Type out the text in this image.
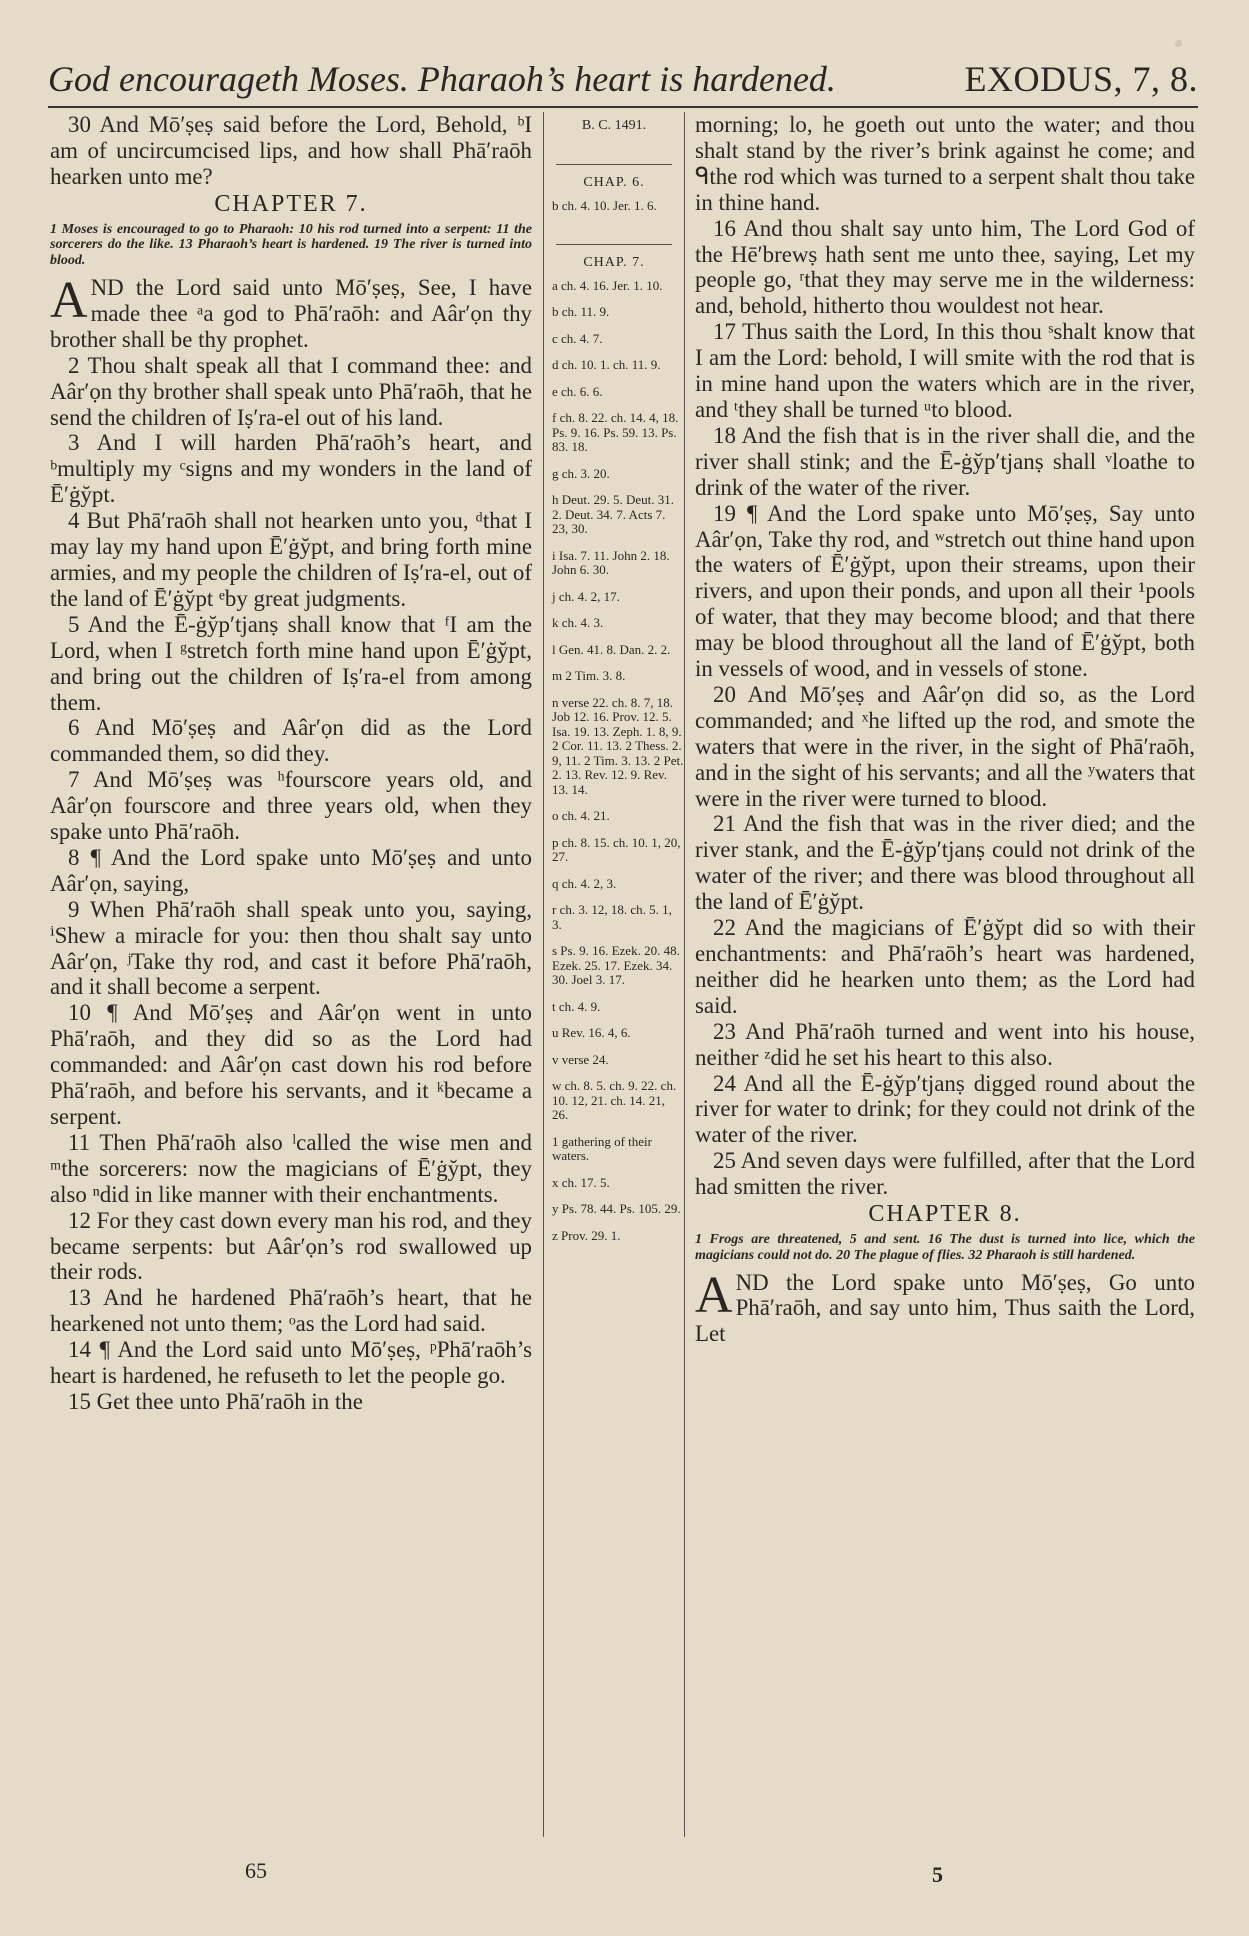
God encourageth Moses. Pharaoh’s heart is hardened.	EXODUS, 7, 8.

30 And Mō′ṣeṣ said before the Lord, Behold, ᵇI am of uncircumcised lips, and how shall Phā′raōh hearken unto me?

CHAPTER 7.
1 Moses is encouraged to go to Pharaoh: 10 his rod turned into a serpent: 11 the sorcerers do the like. 13 Pharaoh’s heart is hardened. 19 The river is turned into blood.

AND the Lord said unto Mō′ṣeṣ, See, I have made thee ᵃa god to Phā′raōh: and Aâr′ọn thy brother shall be thy prophet.

2 Thou shalt speak all that I command thee: and Aâr′ọn thy brother shall speak unto Phā′raōh, that he send the children of Iṣ′ra-el out of his land.

3 And I will harden Phā′raōh’s heart, and ᵇmultiply my ᶜsigns and my wonders in the land of Ē′ġy̆pt.

4 But Phā′raōh shall not hearken unto you, ᵈthat I may lay my hand upon Ē′ġy̆pt, and bring forth mine armies, and my people the children of Iṣ′ra-el, out of the land of Ē′ġy̆pt ᵉby great judgments.

5 And the Ē-ġy̆p′tjanṣ shall know that ᶠI am the Lord, when I ᵍstretch forth mine hand upon Ē′ġy̆pt, and bring out the children of Iṣ′ra-el from among them.

6 And Mō′ṣeṣ and Aâr′ọn did as the Lord commanded them, so did they.

7 And Mō′ṣeṣ was ʰfourscore years old, and Aâr′ọn fourscore and three years old, when they spake unto Phā′raōh.

8 ¶ And the Lord spake unto Mō′ṣeṣ and unto Aâr′ọn, saying,

9 When Phā′raōh shall speak unto you, saying, ⁱShew a miracle for you: then thou shalt say unto Aâr′ọn, ʲTake thy rod, and cast it before Phā′raōh, and it shall become a serpent.

10 ¶ And Mō′ṣeṣ and Aâr′ọn went in unto Phā′raōh, and they did so as the Lord had commanded: and Aâr′ọn cast down his rod before Phā′raōh, and before his servants, and it ᵏbecame a serpent.

11 Then Phā′raōh also ˡcalled the wise men and ᵐthe sorcerers: now the magicians of Ē′ġy̆pt, they also ⁿdid in like manner with their enchantments.

12 For they cast down every man his rod, and they became serpents: but Aâr′ọn’s rod swallowed up their rods.

13 And he hardened Phā′raōh’s heart, that he hearkened not unto them; ᵒas the Lord had said.

14 ¶ And the Lord said unto Mō′ṣeṣ, ᵖPhā′raōh’s heart is hardened, he refuseth to let the people go.

15 Get thee unto Phā′raōh in the

B. C. 1491.
CHAP. 6.
b ch. 4. 10. Jer. 1. 6.
CHAP. 7.
a ch. 4. 16. Jer. 1. 10.
b ch. 11. 9.
c ch. 4. 7.
d ch. 10. 1. ch. 11. 9.
e ch. 6. 6.
f ch. 8. 22. ch. 14. 4, 18. Ps. 9. 16. Ps. 59. 13. Ps. 83. 18.
g ch. 3. 20.
h Deut. 29. 5. Deut. 31. 2. Deut. 34. 7. Acts 7. 23, 30.
i Isa. 7. 11. John 2. 18. John 6. 30.
j ch. 4. 2, 17.
k ch. 4. 3.
l Gen. 41. 8. Dan. 2. 2.
m 2 Tim. 3. 8.
n verse 22. ch. 8. 7, 18. Job 12. 16. Prov. 12. 5. Isa. 19. 13. Zeph. 1. 8, 9. 2 Cor. 11. 13. 2 Thess. 2. 9, 11. 2 Tim. 3. 13. 2 Pet. 2. 13. Rev. 12. 9. Rev. 13. 14.
o ch. 4. 21.
p ch. 8. 15. ch. 10. 1, 20, 27.
q ch. 4. 2, 3.
r ch. 3. 12, 18. ch. 5. 1, 3.
s Ps. 9. 16. Ezek. 20. 48. Ezek. 25. 17. Ezek. 34. 30. Joel 3. 17.
t ch. 4. 9.
u Rev. 16. 4, 6.
v verse 24.
w ch. 8. 5. ch. 9. 22. ch. 10. 12, 21. ch. 14. 21, 26.
1 gathering of their waters.
x ch. 17. 5.
y Ps. 78. 44. Ps. 105. 29.
z Prov. 29. 1.

morning; lo, he goeth out unto the water; and thou shalt stand by the river’s brink against he come; and ᑫthe rod which was turned to a serpent shalt thou take in thine hand.

16 And thou shalt say unto him, The Lord God of the Hē′brewṣ hath sent me unto thee, saying, Let my people go, ʳthat they may serve me in the wilderness: and, behold, hitherto thou wouldest not hear.

17 Thus saith the Lord, In this thou ˢshalt know that I am the Lord: behold, I will smite with the rod that is in mine hand upon the waters which are in the river, and ᵗthey shall be turned ᵘto blood.

18 And the fish that is in the river shall die, and the river shall stink; and the Ē-ġy̆p′tjanṣ shall ᵛloathe to drink of the water of the river.

19 ¶ And the Lord spake unto Mō′ṣeṣ, Say unto Aâr′ọn, Take thy rod, and ʷstretch out thine hand upon the waters of Ē′ġy̆pt, upon their streams, upon their rivers, and upon their ponds, and upon all their ¹pools of water, that they may become blood; and that there may be blood throughout all the land of Ē′ġy̆pt, both in vessels of wood, and in vessels of stone.

20 And Mō′ṣeṣ and Aâr′ọn did so, as the Lord commanded; and ˣhe lifted up the rod, and smote the waters that were in the river, in the sight of Phā′raōh, and in the sight of his servants; and all the ʸwaters that were in the river were turned to blood.

21 And the fish that was in the river died; and the river stank, and the Ē-ġy̆p′tjanṣ could not drink of the water of the river; and there was blood throughout all the land of Ē′ġy̆pt.

22 And the magicians of Ē′ġy̆pt did so with their enchantments: and Phā′raōh’s heart was hardened, neither did he hearken unto them; as the Lord had said.

23 And Phā′raōh turned and went into his house, neither ᶻdid he set his heart to this also.

24 And all the Ē-ġy̆p′tjanṣ digged round about the river for water to drink; for they could not drink of the water of the river.

25 And seven days were fulfilled, after that the Lord had smitten the river.

CHAPTER 8.
1 Frogs are threatened, 5 and sent. 16 The dust is turned into lice, which the magicians could not do. 20 The plague of flies. 32 Pharaoh is still hardened.

AND the Lord spake unto Mō′ṣeṣ, Go unto Phā′raōh, and say unto him, Thus saith the Lord, Let

65	5
